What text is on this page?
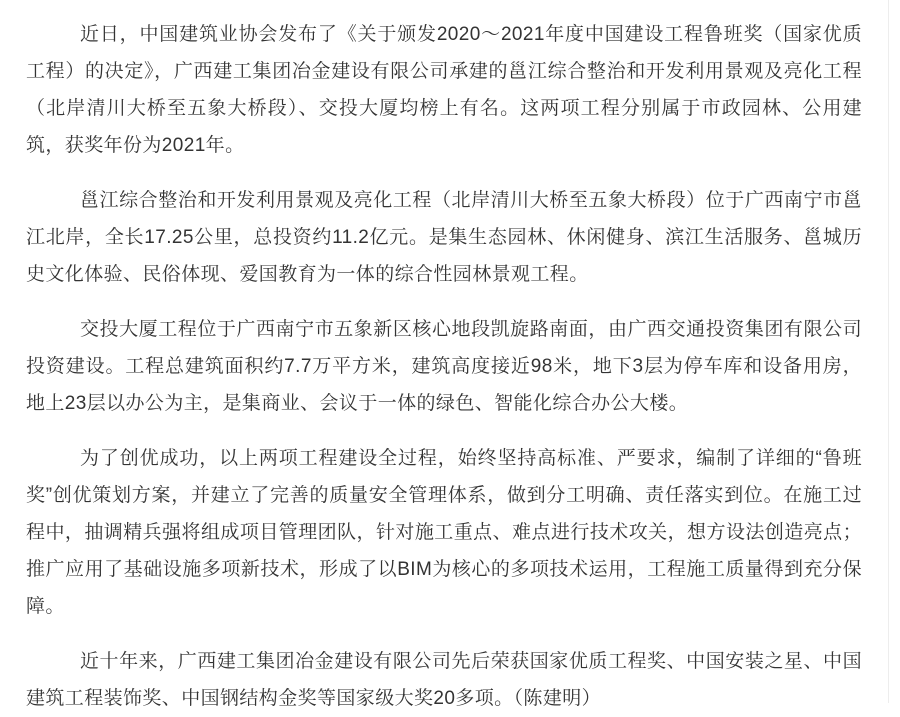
近日，中国建筑业协会发布了《关于颁发2020～2021年度中国建设工程鲁班奖（国家优质工程）的决定》，广西建工集团冶金建设有限公司承建的邕江综合整治和开发利用景观及亮化工程（北岸清川大桥至五象大桥段）、交投大厦均榜上有名。这两项工程分别属于市政园林、公用建筑，获奖年份为2021年。

邕江综合整治和开发利用景观及亮化工程（北岸清川大桥至五象大桥段）位于广西南宁市邕江北岸，全长17.25公里，总投资约11.2亿元。是集生态园林、休闲健身、滨江生活服务、邕城历史文化体验、民俗体现、爱国教育为一体的综合性园林景观工程。

交投大厦工程位于广西南宁市五象新区核心地段凯旋路南面，由广西交通投资集团有限公司投资建设。工程总建筑面积约7.7万平方米，建筑高度接近98米，地下3层为停车库和设备用房，地上23层以办公为主，是集商业、会议于一体的绿色、智能化综合办公大楼。

为了创优成功，以上两项工程建设全过程，始终坚持高标准、严要求，编制了详细的“鲁班奖”创优策划方案，并建立了完善的质量安全管理体系，做到分工明确、责任落实到位。在施工过程中，抽调精兵强将组成项目管理团队，针对施工重点、难点进行技术攻关，想方设法创造亮点；推广应用了基础设施多项新技术，形成了以BIM为核心的多项技术运用，工程施工质量得到充分保障。

近十年来，广西建工集团冶金建设有限公司先后荣获国家优质工程奖、中国安装之星、中国建筑工程装饰奖、中国钢结构金奖等国家级大奖20多项。（陈建明）
